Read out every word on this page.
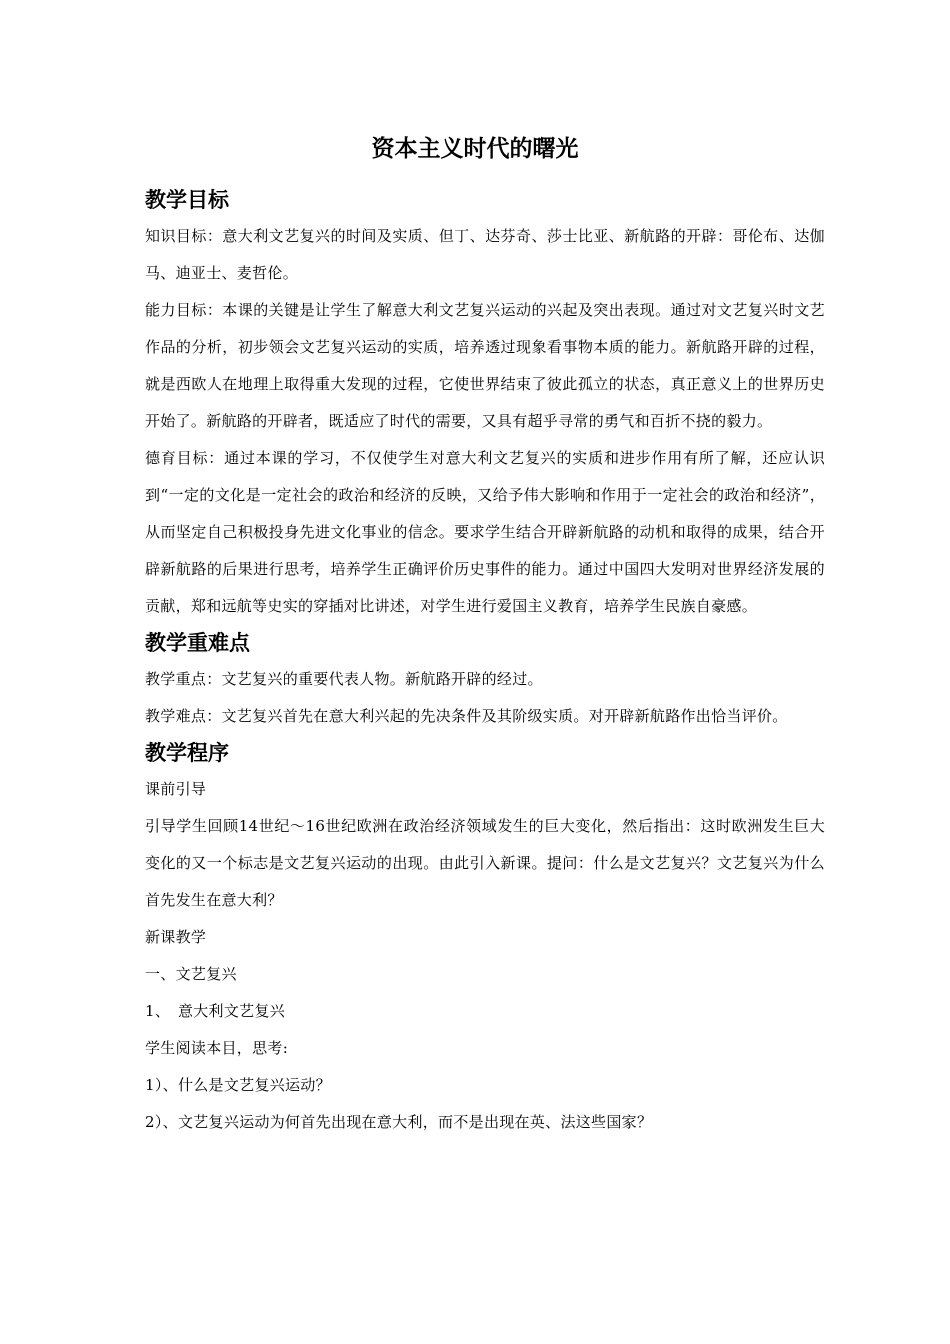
资本主义时代的曙光
教学目标

知识目标：意大利文艺复兴的时间及实质、但丁、达芬奇、莎士比亚、新航路的开辟：哥伦布、达伽马、迪亚士、麦哲伦。

能力目标：本课的关键是让学生了解意大利文艺复兴运动的兴起及突出表现。通过对文艺复兴时文艺作品的分析，初步领会文艺复兴运动的实质，培养透过现象看事物本质的能力。新航路开辟的过程，就是西欧人在地理上取得重大发现的过程，它使世界结束了彼此孤立的状态，真正意义上的世界历史开始了。新航路的开辟者，既适应了时代的需要，又具有超乎寻常的勇气和百折不挠的毅力。

德育目标：通过本课的学习，不仅使学生对意大利文艺复兴的实质和进步作用有所了解，还应认识到“一定的文化是一定社会的政治和经济的反映，又给予伟大影响和作用于一定社会的政治和经济”，从而坚定自己积极投身先进文化事业的信念。要求学生结合开辟新航路的动机和取得的成果，结合开辟新航路的后果进行思考，培养学生正确评价历史事件的能力。通过中国四大发明对世界经济发展的贡献，郑和远航等史实的穿插对比讲述，对学生进行爱国主义教育，培养学生民族自豪感。

教学重难点

教学重点：文艺复兴的重要代表人物。新航路开辟的经过。

教学难点：文艺复兴首先在意大利兴起的先决条件及其阶级实质。对开辟新航路作出恰当评价。

教学程序

课前引导

引导学生回顾14世纪～16世纪欧洲在政治经济领域发生的巨大变化，然后指出：这时欧洲发生巨大变化的又一个标志是文艺复兴运动的出现。由此引入新课。提问：什么是文艺复兴？文艺复兴为什么首先发生在意大利？

新课教学

一、文艺复兴

1、　意大利文艺复兴

学生阅读本目，思考:

1）、什么是文艺复兴运动？

2）、文艺复兴运动为何首先出现在意大利，而不是出现在英、法这些国家？
